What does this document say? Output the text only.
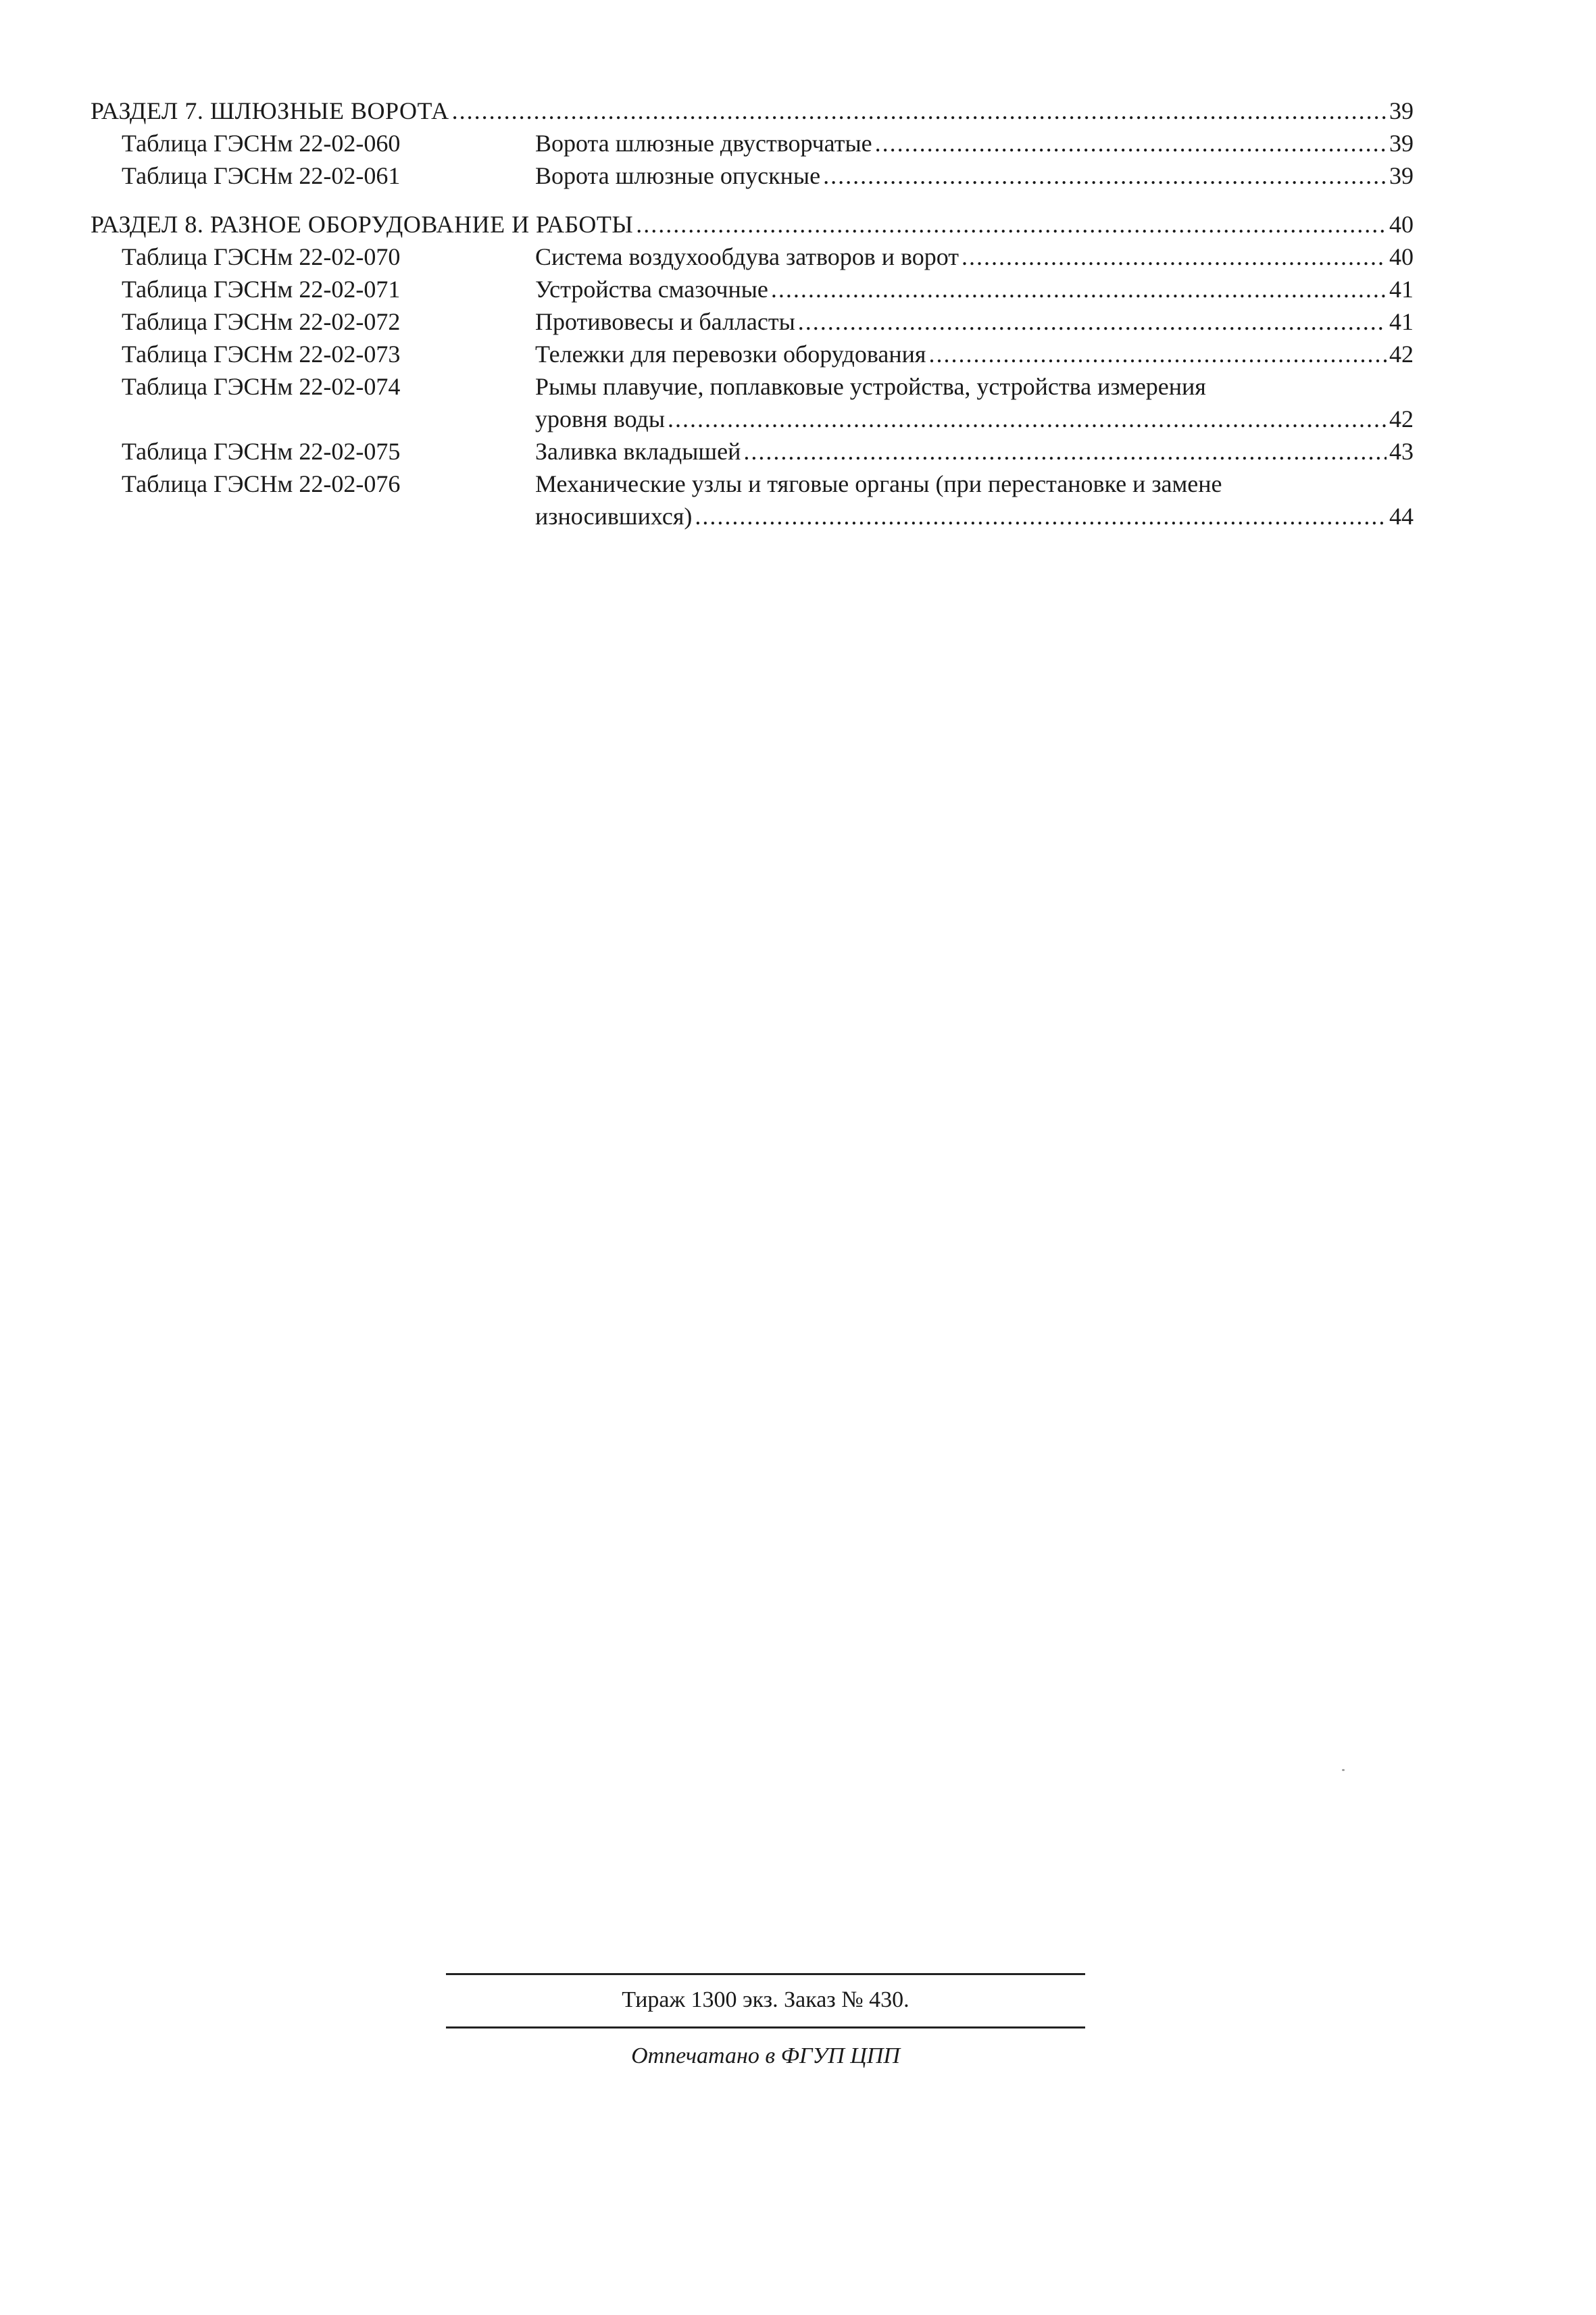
РАЗДЕЛ 7. ШЛЮЗНЫЕ ВОРОТА .....	39
Таблица ГЭСНм 22-02-060	Ворота шлюзные двустворчатые .....	39
Таблица ГЭСНм 22-02-061	Ворота шлюзные опускные .....	39
РАЗДЕЛ 8. РАЗНОЕ ОБОРУДОВАНИЕ И РАБОТЫ .....	40
Таблица ГЭСНм 22-02-070	Система воздухообдува затворов и ворот .....	40
Таблица ГЭСНм 22-02-071	Устройства смазочные .....	41
Таблица ГЭСНм 22-02-072	Противовесы и балласты .....	41
Таблица ГЭСНм 22-02-073	Тележки для перевозки оборудования .....	42
Таблица ГЭСНм 22-02-074	Рымы плавучие, поплавковые устройства, устройства измерения
уровня воды .....	42
Таблица ГЭСНм 22-02-075	Заливка вкладышей .....	43
Таблица ГЭСНм 22-02-076	Механические узлы и тяговые органы (при перестановке и замене
износившихся) .....	44
Тираж 1300 экз. Заказ № 430.
Отпечатано в ФГУП ЦПП
